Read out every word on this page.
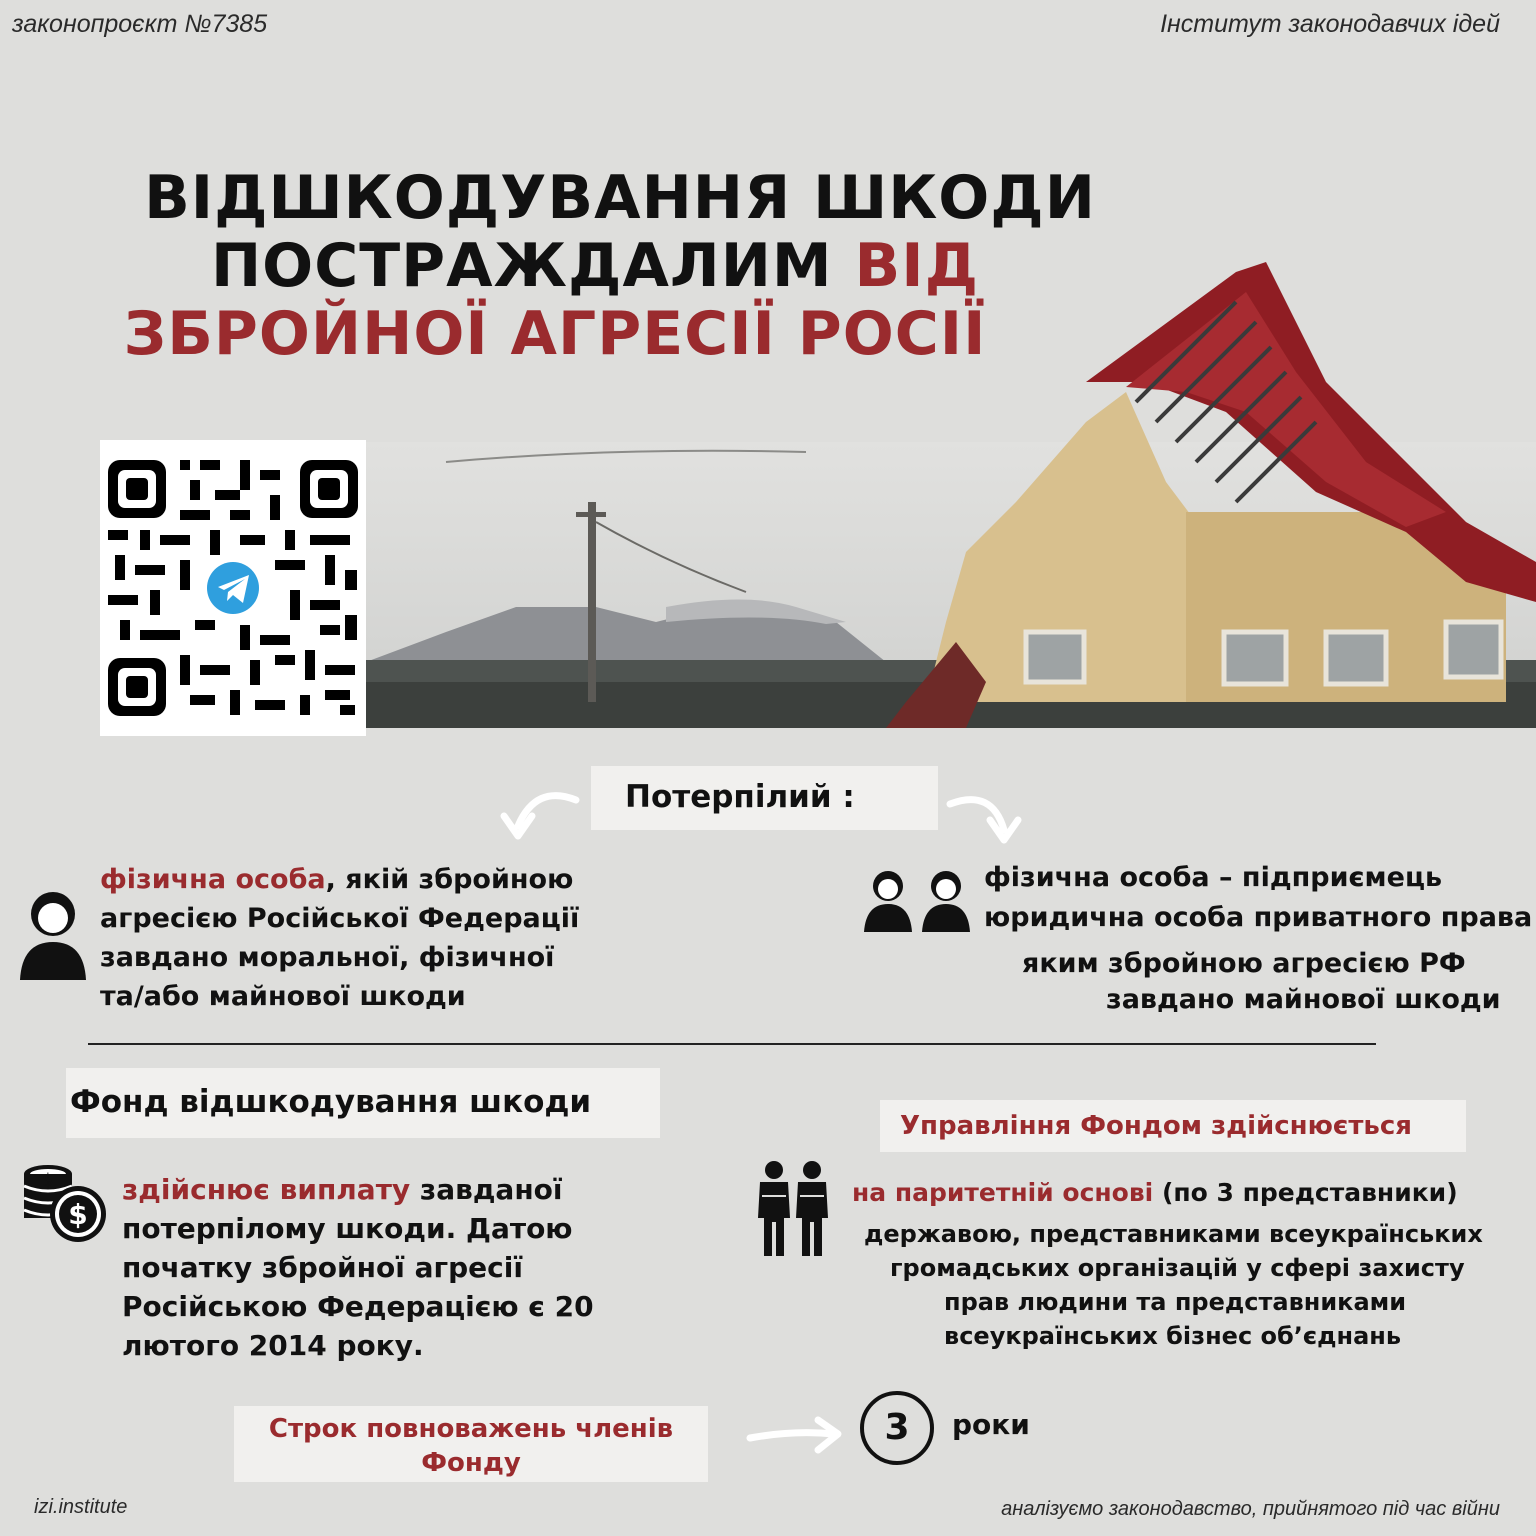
законопроєкт №7385	Інститут законодавчих ідей
ВІДШКОДУВАННЯ ШКОДИ
ПОСТРАЖДАЛИМ ВІД
ЗБРОЙНОЇ АГРЕСІЇ РОСІЇ
Потерпілий :
фізична особа, якій збройною
агресією Російської Федерації
завдано моральної, фізичної
та/або майнової шкоди
фізична особа – підприємець
юридична особа приватного права
яким збройною агресією РФ
завдано майнової шкоди
Фонд відшкодування шкоди
$
$ здійснює виплату завданої
потерпілому шкоди. Датою
початку збройної агресії
Російською Федерацією є 20
лютого 2014 року.
Управління Фондом здійснюється
на паритетній основі (по 3 представники)
державою, представниками всеукраїнських
громадських організацій у сфері захисту
прав людини та представниками
всеукраїнських бізнес об’єднань
Строк повноважень членів
Фонду
3	роки
izi.institute	аналізуємо законодавство, прийнятого під час війни
